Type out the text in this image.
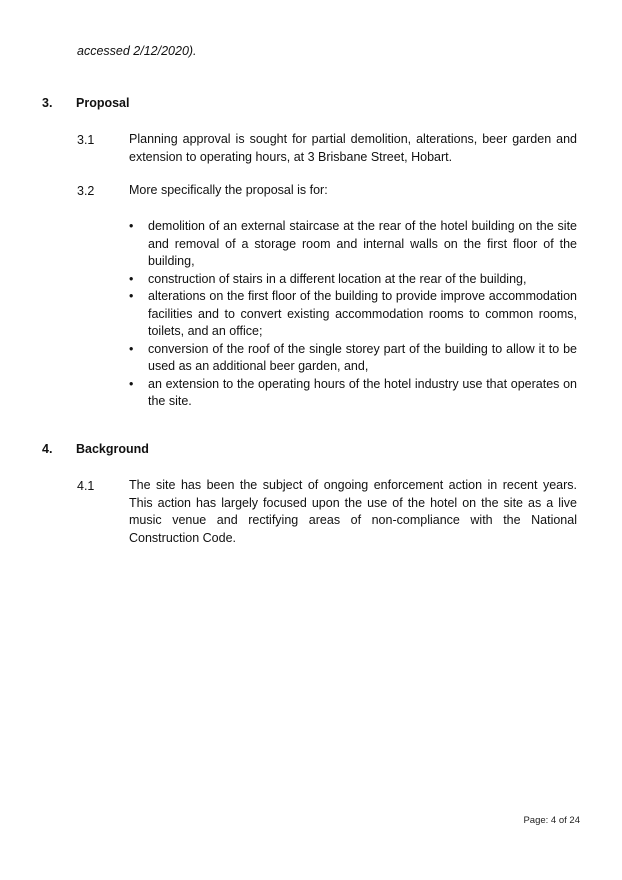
accessed 2/12/2020).
3. Proposal
3.1	Planning approval is sought for partial demolition, alterations, beer garden and extension to operating hours, at 3 Brisbane Street, Hobart.
3.2	More specifically the proposal is for:
• demolition of an external staircase at the rear of the hotel building on the site and removal of a storage room and internal walls on the first floor of the building,
• construction of stairs in a different location at the rear of the building,
• alterations on the first floor of the building to provide improve accommodation facilities and to convert existing accommodation rooms to common rooms, toilets, and an office;
• conversion of the roof of the single storey part of the building to allow it to be used as an additional beer garden, and,
• an extension to the operating hours of the hotel industry use that operates on the site.
4. Background
4.1	The site has been the subject of ongoing enforcement action in recent years. This action has largely focused upon the use of the hotel on the site as a live music venue and rectifying areas of non-compliance with the National Construction Code.
Page: 4 of 24
